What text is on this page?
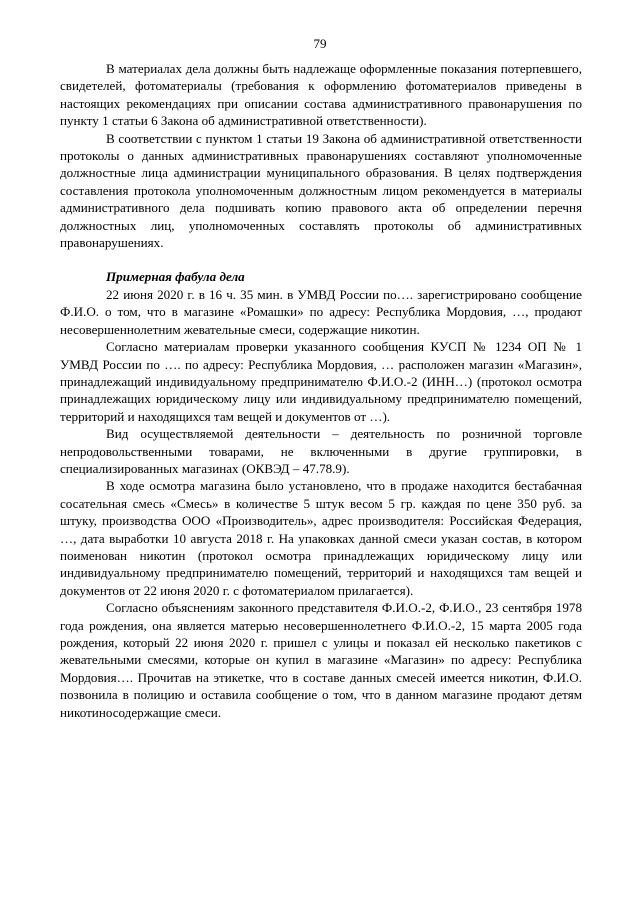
79

В материалах дела должны быть надлежаще оформленные показания потерпевшего, свидетелей, фотоматериалы (требования к оформлению фотоматериалов приведены в настоящих рекомендациях при описании состава административного правонарушения по пункту 1 статьи 6 Закона об административной ответственности).

В соответствии с пунктом 1 статьи 19 Закона об административной ответственности протоколы о данных административных правонарушениях составляют уполномоченные должностные лица администрации муниципального образования. В целях подтверждения составления протокола уполномоченным должностным лицом рекомендуется в материалы административного дела подшивать копию правового акта об определении перечня должностных лиц, уполномоченных составлять протоколы об административных правонарушениях.

Примерная фабула дела

22 июня 2020 г. в 16 ч. 35 мин. в УМВД России по…. зарегистрировано сообщение Ф.И.О. о том, что в магазине «Ромашки» по адресу: Республика Мордовия, …, продают несовершеннолетним жевательные смеси, содержащие никотин.

Согласно материалам проверки указанного сообщения КУСП № 1234 ОП № 1 УМВД России по …. по адресу: Республика Мордовия, … расположен магазин «Магазин», принадлежащий индивидуальному предпринимателю Ф.И.О.-2 (ИНН…) (протокол осмотра принадлежащих юридическому лицу или индивидуальному предпринимателю помещений, территорий и находящихся там вещей и документов от …).

Вид осуществляемой деятельности – деятельность по розничной торговле непродовольственными товарами, не включенными в другие группировки, в специализированных магазинах (ОКВЭД – 47.78.9).

В ходе осмотра магазина было установлено, что в продаже находится бестабачная сосательная смесь «Смесь» в количестве 5 штук весом 5 гр. каждая по цене 350 руб. за штуку, производства ООО «Производитель», адрес производителя: Российская Федерация, …, дата выработки 10 августа 2018 г. На упаковках данной смеси указан состав, в котором поименован никотин (протокол осмотра принадлежащих юридическому лицу или индивидуальному предпринимателю помещений, территорий и находящихся там вещей и документов от 22 июня 2020 г. с фотоматериалом прилагается).

Согласно объяснениям законного представителя Ф.И.О.-2, Ф.И.О., 23 сентября 1978 года рождения, она является матерью несовершеннолетнего Ф.И.О.-2, 15 марта 2005 года рождения, который 22 июня 2020 г. пришел с улицы и показал ей несколько пакетиков с жевательными смесями, которые он купил в магазине «Магазин» по адресу: Республика Мордовия…. Прочитав на этикетке, что в составе данных смесей имеется никотин, Ф.И.О. позвонила в полицию и оставила сообщение о том, что в данном магазине продают детям никотиносодержащие смеси.
